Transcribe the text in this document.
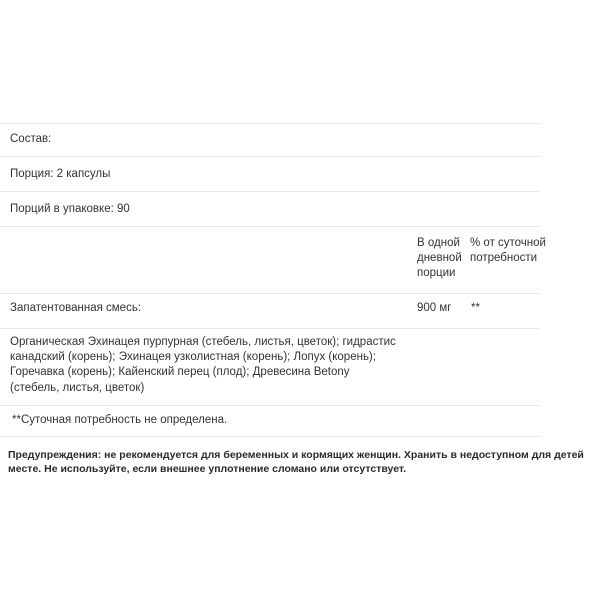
Состав:
Порция: 2 капсулы
Порций в упаковке: 90
В одной дневной порции
% от суточной потребности
Запатентованная смесь:	900 мг **
Органическая Эхинацея пурпурная (стебель, листья, цветок); гидрастис канадский (корень); Эхинацея узколистная (корень); Лопух (корень); Горечавка (корень); Кайенский перец (плод); Древесина Betony (стебель, листья, цветок)
**Суточная потребность не определена.
Предупреждения: не рекомендуется для беременных и кормящих женщин. Хранить в недоступном для детей месте. Не используйте, если внешнее уплотнение сломано или отсутствует.
